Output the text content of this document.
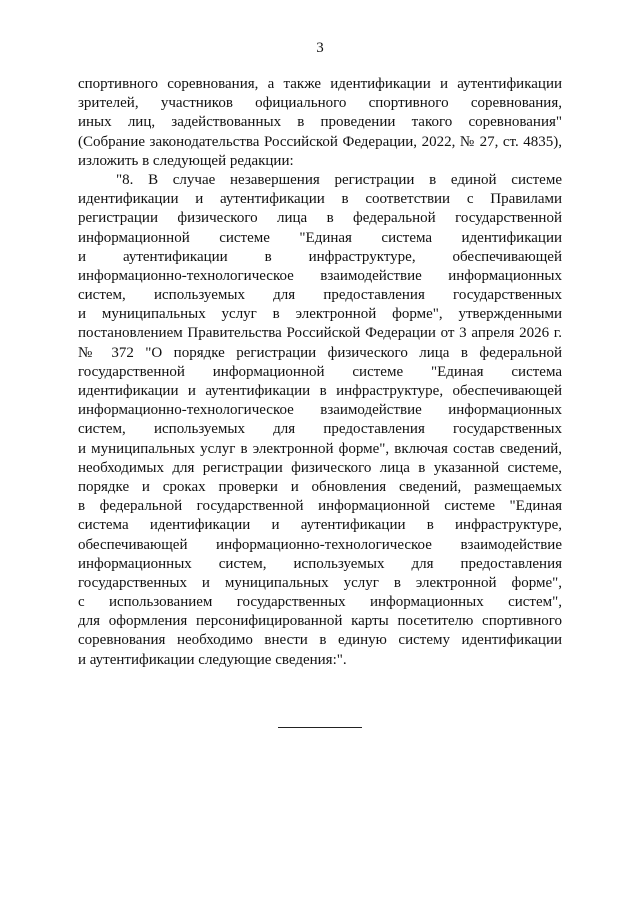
3
спортивного соревнования, а также идентификации и аутентификации
зрителей, участников официального спортивного соревнования,
иных лиц, задействованных в проведении такого соревнования"
(Собрание законодательства Российской Федерации, 2022, № 27, ст. 4835),
изложить в следующей редакции:
"8. В случае незавершения регистрации в единой системе
идентификации и аутентификации в соответствии с Правилами
регистрации физического лица в федеральной государственной
информационной системе "Единая система идентификации
и аутентификации в инфраструктуре, обеспечивающей
информационно-технологическое взаимодействие информационных
систем, используемых для предоставления государственных
и муниципальных услуг в электронной форме", утвержденными
постановлением Правительства Российской Федерации от 3 апреля 2026 г.
№ 372 "О порядке регистрации физического лица в федеральной
государственной информационной системе "Единая система
идентификации и аутентификации в инфраструктуре, обеспечивающей
информационно-технологическое взаимодействие информационных
систем, используемых для предоставления государственных
и муниципальных услуг в электронной форме", включая состав сведений,
необходимых для регистрации физического лица в указанной системе,
порядке и сроках проверки и обновления сведений, размещаемых
в федеральной государственной информационной системе "Единая
система идентификации и аутентификации в инфраструктуре,
обеспечивающей информационно-технологическое взаимодействие
информационных систем, используемых для предоставления
государственных и муниципальных услуг в электронной форме",
с использованием государственных информационных систем",
для оформления персонифицированной карты посетителю спортивного
соревнования необходимо внести в единую систему идентификации
и аутентификации следующие сведения:".
